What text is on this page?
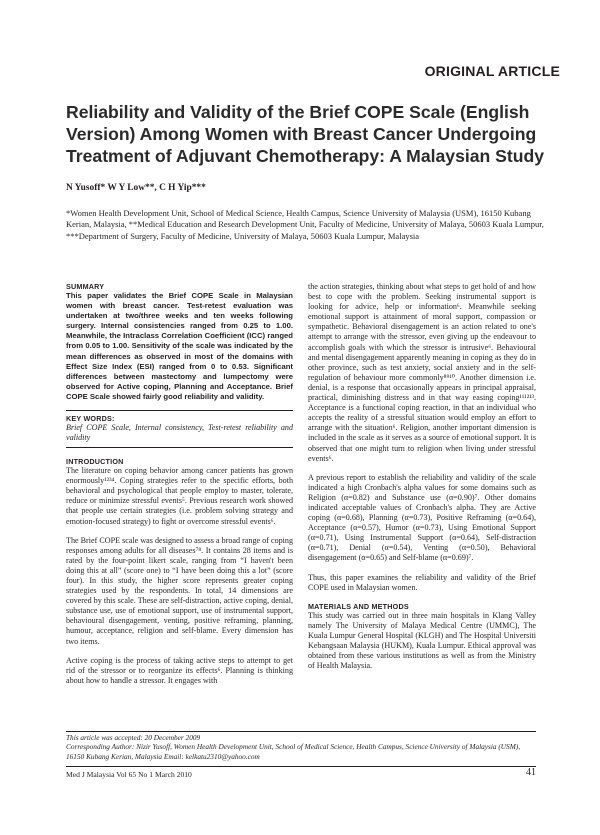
ORIGINAL ARTICLE
Reliability and Validity of the Brief COPE Scale (English Version) Among Women with Breast Cancer Undergoing Treatment of Adjuvant Chemotherapy: A Malaysian Study
N Yusoff* W Y Low**, C H Yip***
*Women Health Development Unit, School of Medical Science, Health Campus, Science University of Malaysia (USM), 16150 Kubang Kerian, Malaysia, **Medical Education and Research Development Unit, Faculty of Medicine, University of Malaya, 50603 Kuala Lumpur, ***Department of Surgery, Faculty of Medicine, University of Malaya, 50603 Kuala Lumpur, Malaysia
SUMMARY
This paper validates the Brief COPE Scale in Malaysian women with breast cancer. Test-retest evaluation was undertaken at two/three weeks and ten weeks following surgery. Internal consistencies ranged from 0.25 to 1.00. Meanwhile, the Intraclass Correlation Coefficient (ICC) ranged from 0.05 to 1.00. Sensitivity of the scale was indicated by the mean differences as observed in most of the domains with Effect Size Index (ESI) ranged from 0 to 0.53. Significant differences between mastectomy and lumpectomy were observed for Active coping, Planning and Acceptance. Brief COPE Scale showed fairly good reliability and validity.
KEY WORDS:
Brief COPE Scale, Internal consistency, Test-retest reliability and validity
INTRODUCTION

The literature on coping behavior among cancer patients has grown enormously¹²³⁴. Coping strategies refer to the specific efforts, both behavioral and psychological that people employ to master, tolerate, reduce or minimize stressful events⁵. Previous research work showed that people use certain strategies (i.e. problem solving strategy and emotion-focused strategy) to fight or overcome stressful events⁶.

The Brief COPE scale was designed to assess a broad range of coping responses among adults for all diseases⁷⁸. It contains 28 items and is rated by the four-point likert scale, ranging from “I haven't been doing this at all” (score one) to “I have been doing this a lot” (score four). In this study, the higher score represents greater coping strategies used by the respondents. In total, 14 dimensions are covered by this scale. These are self-distraction, active coping, denial, substance use, use of emotional support, use of instrumental support, behavioural disengagement, venting, positive reframing, planning, humour, acceptance, religion and self-blame. Every dimension has two items.

Active coping is the process of taking active steps to attempt to get rid of the stressor or to reorganize its effects⁶. Planning is thinking about how to handle a stressor. It engages with

the action strategies, thinking about what steps to get hold of and how best to cope with the problem. Seeking instrumental support is looking for advice, help or information⁶. Meanwhile seeking emotional support is attainment of moral support, compassion or sympathetic. Behavioral disengagement is an action related to one's attempt to arrange with the stressor, even giving up the endeavour to accomplish goals with which the stressor is intrusive⁶. Behavioural and mental disengagement apparently meaning in coping as they do in other province, such as test anxiety, social anxiety and in the self-regulation of behaviour more commonly⁸⁹¹⁰. Another dimension i.e. denial, is a response that occasionally appears in principal appraisal, practical, diminishing distress and in that way easing coping¹¹¹²¹³. Acceptance is a functional coping reaction, in that an individual who accepts the reality of a stressful situation would employ an effort to arrange with the situation⁶. Religion, another important dimension is included in the scale as it serves as a source of emotional support. It is observed that one might turn to religion when living under stressful events⁶.

A previous report to establish the reliability and validity of the scale indicated a high Cronbach's alpha values for some domains such as Religion (α=0.82) and Substance use (α=0.90)⁷. Other domains indicated acceptable values of Cronbach's alpha. They are Active coping (α=0.68), Planning (α=0.73), Positive Reframing (α=0.64), Acceptance (α=0.57), Humor (α=0.73), Using Emotional Support (α=0.71), Using Instrumental Support (α=0.64), Self-distraction (α=0.71), Denial (α=0.54), Venting (α=0.50), Behavioral disengagement (α=0.65) and Self-blame (α=0.69)⁷.

Thus, this paper examines the reliability and validity of the Brief COPE used in Malaysian women.

MATERIALS AND METHODS

This study was carried out in three main hospitals in Klang Valley namely The University of Malaya Medical Centre (UMMC), The Kuala Lumpur General Hospital (KLGH) and The Hospital Universiti Kebangsaan Malaysia (HUKM), Kuala Lumpur. Ethical approval was obtained from these various institutions as well as from the Ministry of Health Malaysia.

This article was accepted: 20 December 2009
Corresponding Author: Nizir Yusoff, Women Health Development Unit, School of Medical Science, Health Campus, Science University of Malaysia (USM), 16150 Kubang Kerian, Malaysia Email: kelkatu2310@yahoo.com
Med J Malaysia Vol 65 No 1 March 2010	41
